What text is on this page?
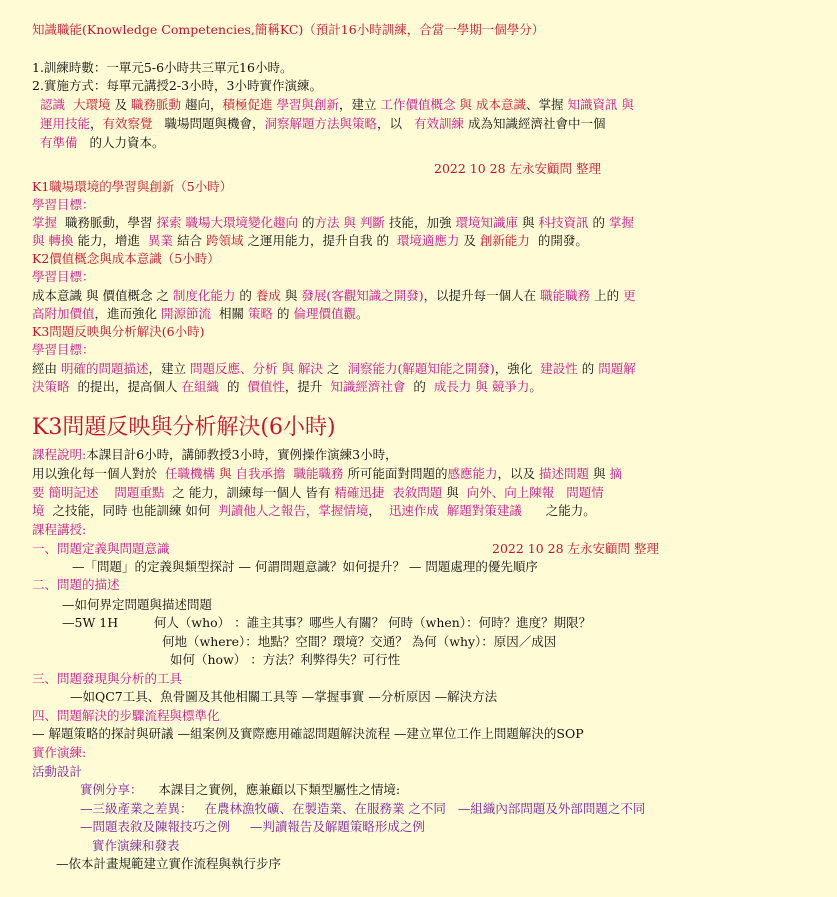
知識職能(Knowledge Competencies,簡稱KC)（預計16小時訓練，合當一學期一個學分）
1.訓練時數：一單元5-6小時共三單元16小時。
2.實施方式：每單元講授2-3小時，3小時實作演練。
認識 大環境 及 職務脈動 趨向，積極促進 學習與創新，建立 工作價值概念 與 成本意識、掌握 知識資訊 與
運用技能，有效察覺 職場問題與機會，洞察解題方法與策略，以 有效訓練 成為知識經濟社會中一個
有準備 的人力資本。
2022 10 28 左永安顧問 整理
K1職場環境的學習與創新（5小時）
學習目標：
掌握 職務脈動，學習 探索 職場大環境變化趨向 的方法 與 判斷 技能，加強 環境知識庫 與 科技資訊 的 掌握
與 轉換 能力，增進 異業 結合 跨領域 之運用能力，提升自我 的 環境適應力 及 創新能力 的開發。
K2價值概念與成本意識（5小時）
學習目標：
成本意識 與 價值概念 之 制度化能力 的 養成 與 發展(客觀知識之開發)，以提升每一個人在 職能職務 上的 更
高附加價值，進而強化 開源節流 相關 策略 的 倫理價值觀。
K3問題反映與分析解決(6小時)
學習目標：
經由 明確的問題描述，建立 問題反應、分析 與 解決 之 洞察能力(解題知能之開發)，強化 建設性 的 問題解
決策略 的提出，提高個人 在組織 的 價值性，提升 知識經濟社會 的 成長力 與 競爭力。
K3問題反映與分析解決(6小時)
課程說明:本課目計6小時，講師教授3小時，實例操作演練3小時，
用以強化每一個人對於 任職機構 與 自我承擔 職能職務 所可能面對問題的感應能力，以及 描述問題 與 摘
要 簡明記述 問題重點 之 能力，訓練每一個人 皆有 精確迅捷 表敘問題 與 向外、向上陳報 問題情
境 之技能，同時 也能訓練 如何 判讀他人之報告，掌握情境， 迅速作成 解題對策建議 之能力。
課程講授:
一、問題定義與問題意識	2022 10 28 左永安顧問 整理
—「問題」的定義與類型探討 — 何謂問題意識？如何提升？ — 問題處理的優先順序
二、問題的描述
—如何界定問題與描述問題
—5W 1H	何人（who） ：誰主其事？哪些人有關？ 何時（when）：何時？進度？期限？
何地（where）：地點？空間？環境？交通？ 為何（why）：原因／成因
如何（how） ：方法？利弊得失？可行性
三、問題發現與分析的工具
—如QC7工具、魚骨圖及其他相關工具等 —掌握事實 —分析原因 —解決方法
四、問題解決的步驟流程與標準化
— 解題策略的探討與研議 —組案例及實際應用確認問題解決流程 —建立單位工作上問題解決的SOP
實作演練:
活動設計
實例分享： 本課目之實例，應兼顧以下類型屬性之情境:
—三級產業之差異： 在農林漁牧礦、在製造業、在服務業 之不同 —組織內部問題及外部問題之不同
—問題表敘及陳報技巧之例 —判讀報告及解題策略形成之例
實作演練和發表
—依本計畫規範建立實作流程與執行步序
